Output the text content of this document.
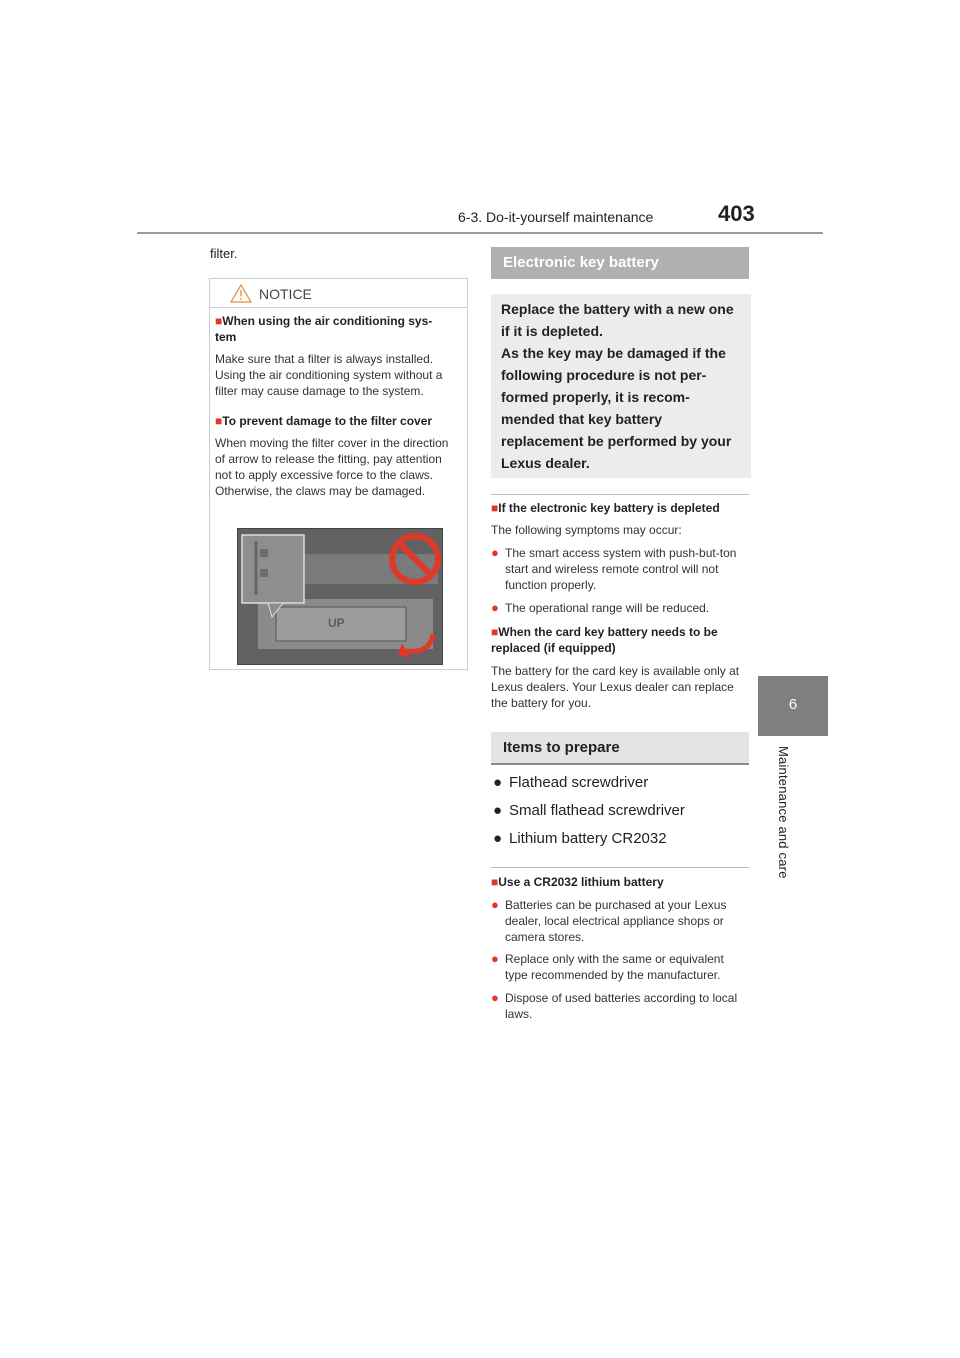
6-3. Do-it-yourself maintenance	403
6
Maintenance and care
filter.
NOTICE
■When using the air conditioning sys-
tem
Make sure that a filter is always installed. Using the air conditioning system without a filter may cause damage to the system.
■To prevent damage to the filter cover
When moving the filter cover in the direction of arrow to release the fitting, pay attention not to apply excessive force to the claws. Otherwise, the claws may be damaged.
UP
Electronic key battery
Replace the battery with a new one if it is depleted.
As the key may be damaged if the following procedure is not per-formed properly, it is recom-mended that key battery replacement be performed by your Lexus dealer.
■If the electronic key battery is depleted
The following symptoms may occur:
● The smart access system with push-but-ton start and wireless remote control will not function properly.
● The operational range will be reduced.
■When the card key battery needs to be replaced (if equipped)
The battery for the card key is available only at Lexus dealers. Your Lexus dealer can replace the battery for you.
Items to prepare
● Flathead screwdriver
● Small flathead screwdriver
● Lithium battery CR2032
■Use a CR2032 lithium battery
● Batteries can be purchased at your Lexus dealer, local electrical appliance shops or camera stores.
● Replace only with the same or equivalent type recommended by the manufacturer.
● Dispose of used batteries according to local laws.
